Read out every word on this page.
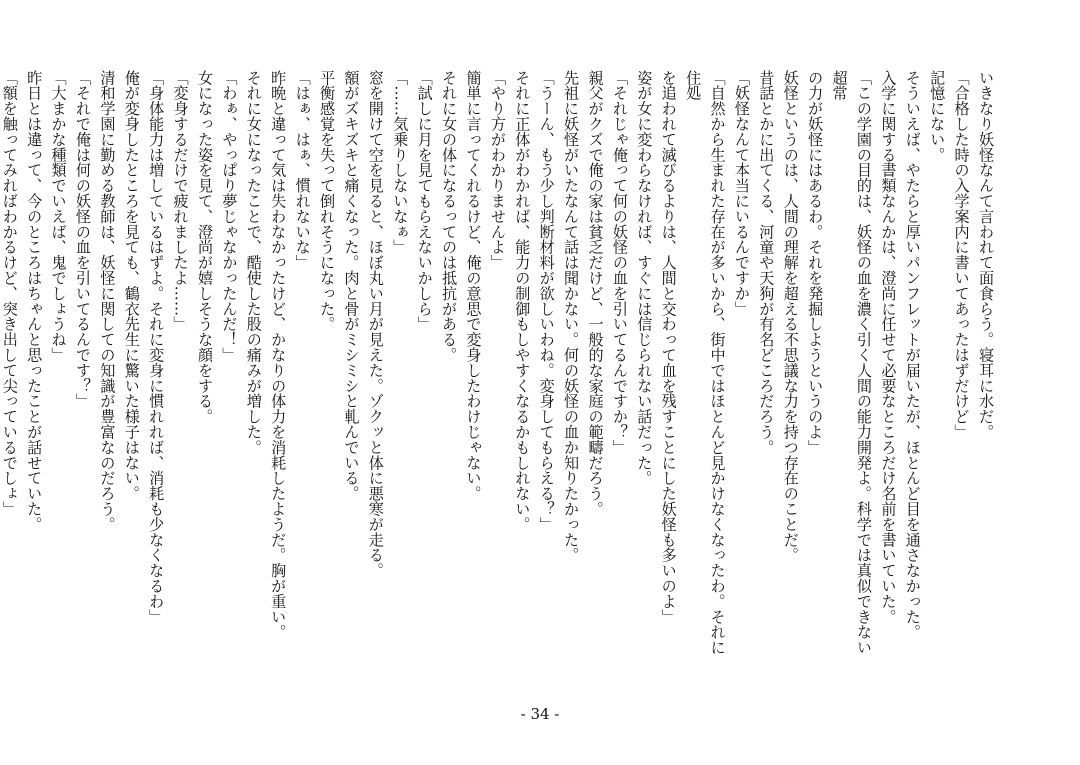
いきなり妖怪なんて言われて面食らう。寝耳に水だ。
「合格した時の入学案内に書いてあったはずだけど」
記憶にない。
そういえば、やたらと厚いパンフレットが届いたが、ほとんど目を通さなかった。
入学に関する書類なんかは、澄尚に任せて必要なところだけ名前を書いていた。
「この学園の目的は、妖怪の血を濃く引く人間の能力開発よ。科学では真似できない超常
の力が妖怪にはあるわ。それを発掘しようというのよ」
妖怪というのは、人間の理解を超える不思議な力を持つ存在のことだ。
昔話とかに出てくる、河童や天狗が有名どころだろう。
「妖怪なんて本当にいるんですか」
「自然から生まれた存在が多いから、街中ではほとんど見かけなくなったわ。それに住処
を追われて滅びるよりは、人間と交わって血を残すことにした妖怪も多いのよ」
姿が女に変わらなければ、すぐには信じられない話だった。
「それじゃ俺って何の妖怪の血を引いてるんですか？」
親父がクズで俺の家は貧乏だけど、一般的な家庭の範疇だろう。
先祖に妖怪がいたなんて話は聞かない。何の妖怪の血か知りたかった。
「うーん、もう少し判断材料が欲しいわね。変身してもらえる？」
それに正体がわかれば、能力の制御もしやすくなるかもしれない。
「やり方がわかりませんよ」
簡単に言ってくれるけど、俺の意思で変身したわけじゃない。
それに女の体になるってのは抵抗がある。
「試しに月を見てもらえないかしら」
「……気乗りしないなぁ」
窓を開けて空を見ると、ほぼ丸い月が見えた。ゾクッと体に悪寒が走る。
額がズキズキと痛くなった。肉と骨がミシミシと軋んでいる。
平衡感覚を失って倒れそうになった。
「はぁ、はぁ、慣れないな」
昨晩と違って気は失わなかったけど、かなりの体力を消耗したようだ。胸が重い。
それに女になったことで、酷使した股の痛みが増した。
「わぁ、やっぱり夢じゃなかったんだ！」
女になった姿を見て、澄尚が嬉しそうな顔をする。
「変身するだけで疲れましたよ……」
「身体能力は増しているはずよ。それに変身に慣れれば、消耗も少なくなるわ」
俺が変身したところを見ても、鶴衣先生に驚いた様子はない。
清和学園に勤める教師は、妖怪に関しての知識が豊富なのだろう。
「それで俺は何の妖怪の血を引いてるんです？」
「大まかな種類でいえば、鬼でしょうね」
昨日とは違って、今のところはちゃんと思ったことが話せていた。
「額を触ってみればわかるけど、突き出して尖っているでしょ」
- 34 -
